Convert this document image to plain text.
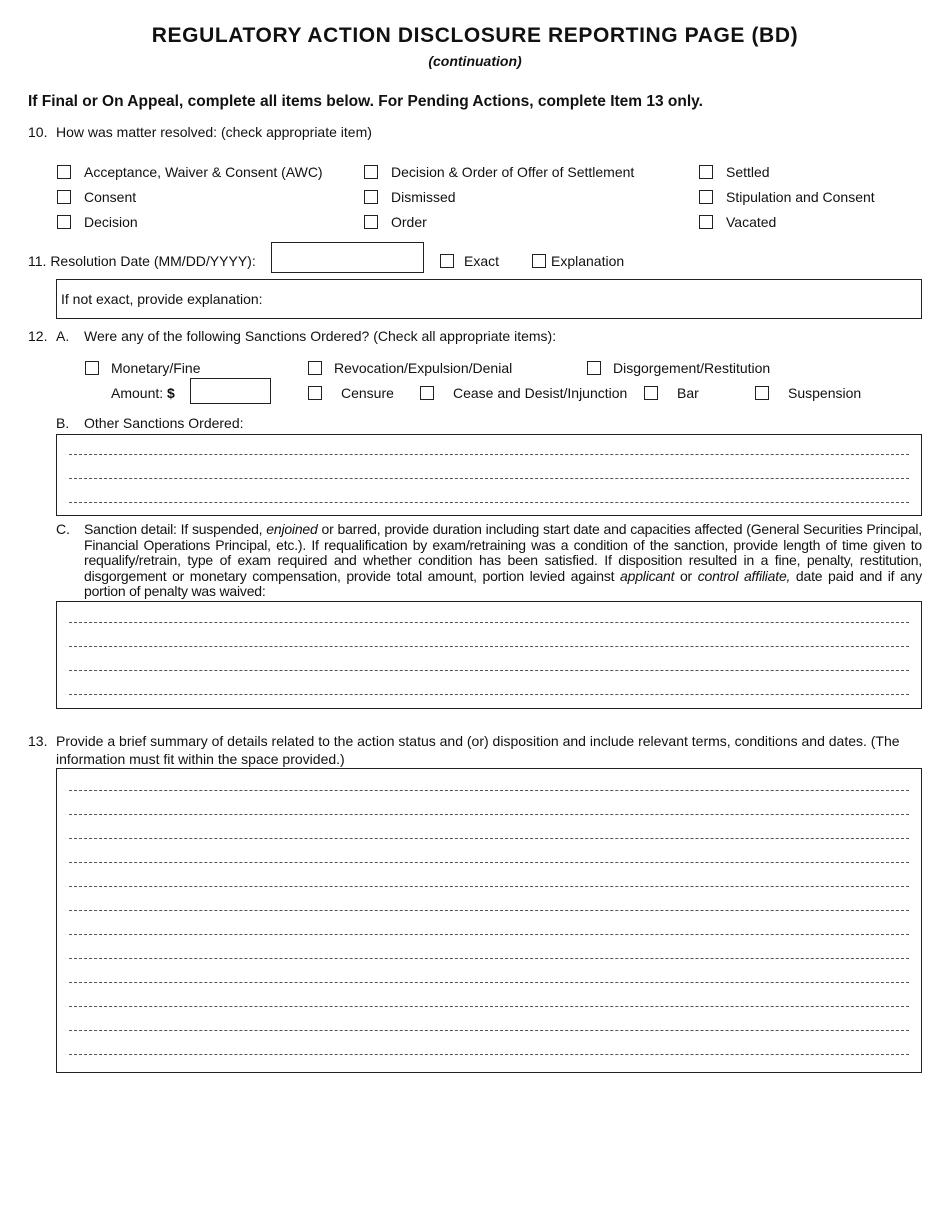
REGULATORY ACTION DISCLOSURE REPORTING PAGE (BD)
(continuation)
If Final or On Appeal, complete all items below. For Pending Actions, complete Item 13 only.
10. How was matter resolved: (check appropriate item)
Acceptance, Waiver & Consent (AWC)
Consent
Decision
Decision & Order of Offer of Settlement
Dismissed
Order
Settled
Stipulation and Consent
Vacated
11. Resolution Date (MM/DD/YYYY):	Exact	Explanation
If not exact, provide explanation:
12. A. Were any of the following Sanctions Ordered? (Check all appropriate items):
Monetary/Fine
Amount: $
Revocation/Expulsion/Denial	Disgorgement/Restitution
Censure	Cease and Desist/Injunction	Bar	Suspension
B. Other Sanctions Ordered:
C. Sanction detail: If suspended, enjoined or barred, provide duration including start date and capacities affected (General Securities Principal, Financial Operations Principal, etc.). If requalification by exam/retraining was a condition of the sanction, provide length of time given to requalify/retrain, type of exam required and whether condition has been satisfied. If disposition resulted in a fine, penalty, restitution, disgorgement or monetary compensation, provide total amount, portion levied against applicant or control affiliate, date paid and if any portion of penalty was waived:
13. Provide a brief summary of details related to the action status and (or) disposition and include relevant terms, conditions and dates. (The information must fit within the space provided.)
